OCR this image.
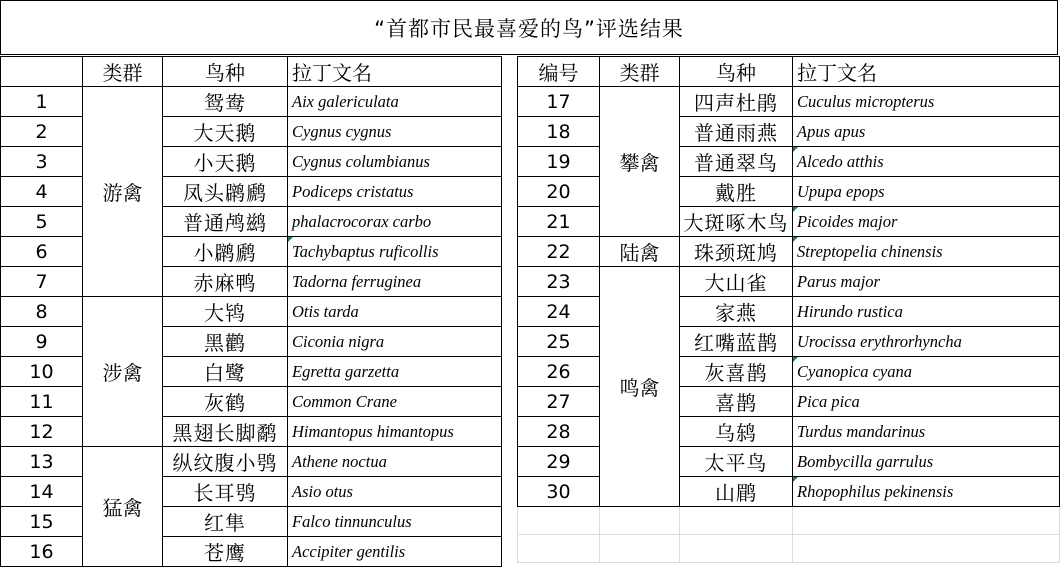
“首都市民最喜爱的鸟”评选结果
	类群	鸟种	拉丁文名
1	游禽	鸳鸯	Aix galericulata
2		大天鹅	Cygnus cygnus
3		小天鹅	Cygnus columbianus
4		凤头䴙䴘	Podiceps cristatus
5		普通鸬鹚	phalacrocorax carbo
6		小䴙䴘	Tachybaptus ruficollis
7		赤麻鸭	Tadorna ferruginea
8	涉禽	大鸨	Otis tarda
9		黑鹳	Ciconia nigra
10		白鹭	Egretta garzetta
11		灰鹤	Common Crane
12		黑翅长脚鹬	Himantopus himantopus
13	猛禽	纵纹腹小鸮	Athene noctua
14		长耳鸮	Asio otus
15		红隼	Falco tinnunculus
16		苍鹰	Accipiter gentilis
编号	类群	鸟种	拉丁文名
17	攀禽	四声杜鹃	Cuculus micropterus
18		普通雨燕	Apus apus
19		普通翠鸟	Alcedo atthis
20		戴胜	Upupa epops
21		大斑啄木鸟	Picoides major
22	陆禽	珠颈斑鸠	Streptopelia chinensis
23	鸣禽	大山雀	Parus major
24		家燕	Hirundo rustica
25		红嘴蓝鹊	Urocissa erythrorhyncha
26		灰喜鹊	Cyanopica cyana
27		喜鹊	Pica pica
28		乌鸫	Turdus mandarinus
29		太平鸟	Bombycilla garrulus
30		山鹛	Rhopophilus pekinensis
